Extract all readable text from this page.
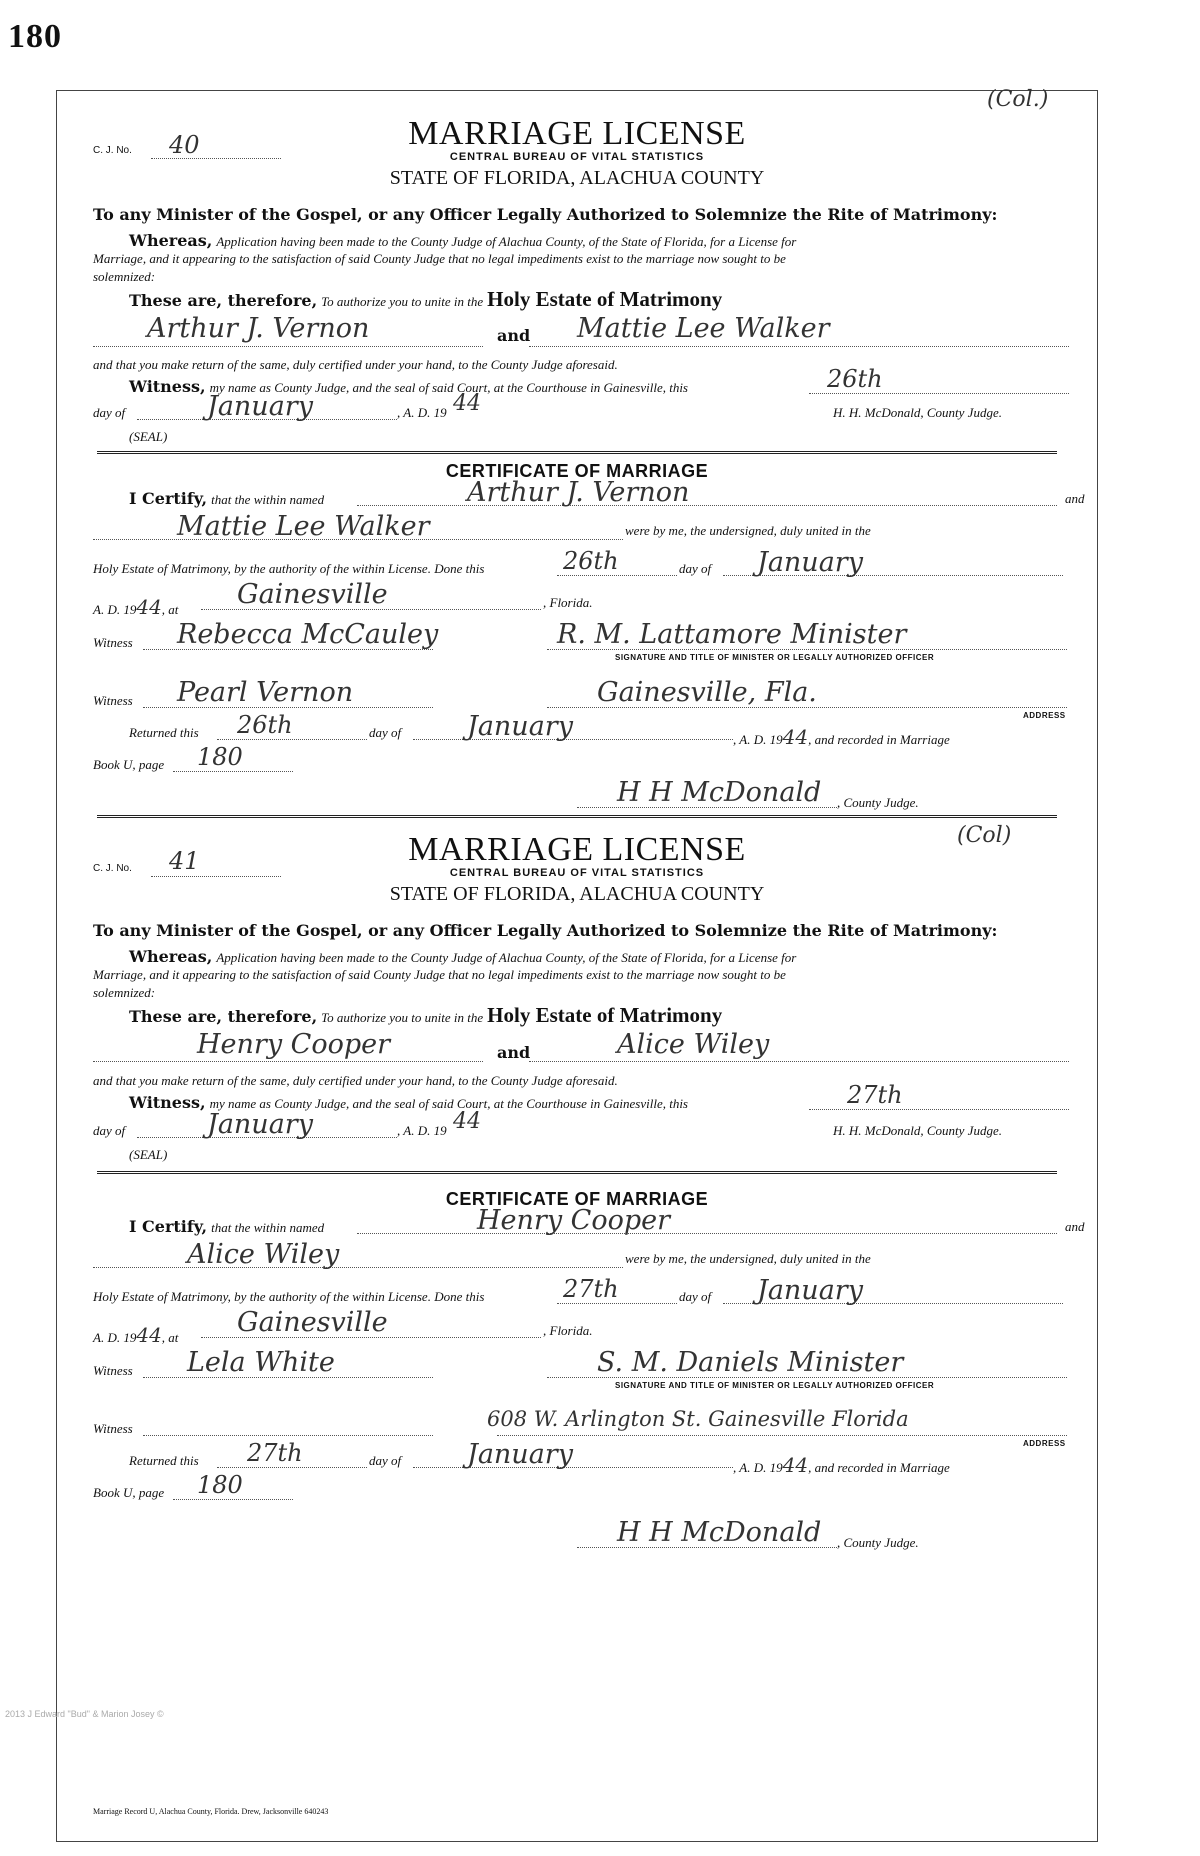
180
(Col.)
MARRIAGE LICENSE
C. J. No. 40	CENTRAL BUREAU OF VITAL STATISTICS
STATE OF FLORIDA, ALACHUA COUNTY
To any Minister of the Gospel, or any Officer Legally Authorized to Solemnize the Rite of Matrimony:
Whereas, Application having been made to the County Judge of Alachua County, of the State of Florida, for a License for
Marriage, and it appearing to the satisfaction of said County Judge that no legal impediments exist to the marriage now sought to be
solemnized:
These are, therefore, To authorize you to unite in the Holy Estate of Matrimony
Arthur J. Vernon	and Mattie Lee Walker
and that you make return of the same, duly certified under your hand, to the County Judge aforesaid.
Witness, my name as County Judge, and the seal of said Court, at the Courthouse in Gainesville, this	26th
day of	January	, A. D. 19 44	H. H. McDonald, County Judge.
(SEAL)
CERTIFICATE OF MARRIAGE
I Certify, that the within named	Arthur J. Vernon	and
Mattie Lee Walker	were by me, the undersigned, duly united in the
Holy Estate of Matrimony, by the authority of the within License. Done this	26th	day of January
A. D. 1944, at Gainesville	, Florida.
Witness Rebecca McCauley	R. M. Lattamore Minister
SIGNATURE AND TITLE OF MINISTER OR LEGALLY AUTHORIZED OFFICER
Witness Pearl Vernon	Gainesville, Fla.
ADDRESS
Returned this 26th	day of January	, A. D. 1944, and recorded in Marriage
Book U, page 180
H H McDonald , County Judge.
(Col)
MARRIAGE LICENSE
C. J. No. 41	CENTRAL BUREAU OF VITAL STATISTICS
STATE OF FLORIDA, ALACHUA COUNTY
To any Minister of the Gospel, or any Officer Legally Authorized to Solemnize the Rite of Matrimony:
Whereas, Application having been made to the County Judge of Alachua County, of the State of Florida, for a License for
Marriage, and it appearing to the satisfaction of said County Judge that no legal impediments exist to the marriage now sought to be
solemnized:
These are, therefore, To authorize you to unite in the Holy Estate of Matrimony
Henry Cooper	and	Alice Wiley
and that you make return of the same, duly certified under your hand, to the County Judge aforesaid.
Witness, my name as County Judge, and the seal of said Court, at the Courthouse in Gainesville, this	27th
day of	January	, A. D. 19 44	H. H. McDonald, County Judge.
(SEAL)
CERTIFICATE OF MARRIAGE
I Certify, that the within named	Henry Cooper	and
Alice Wiley	were by me, the undersigned, duly united in the
Holy Estate of Matrimony, by the authority of the within License. Done this	27th	day of January
A. D. 1944, at Gainesville	, Florida.
Witness Lela White	S. M. Daniels Minister
SIGNATURE AND TITLE OF MINISTER OR LEGALLY AUTHORIZED OFFICER
Witness	608 W. Arlington St. Gainesville Florida
ADDRESS
Returned this 27th	day of January	, A. D. 1944, and recorded in Marriage
Book U, page 180
H H McDonald , County Judge.
2013 J Edward "Bud" & Marion Josey ©
Marriage Record U, Alachua County, Florida. Drew, Jacksonville 640243
